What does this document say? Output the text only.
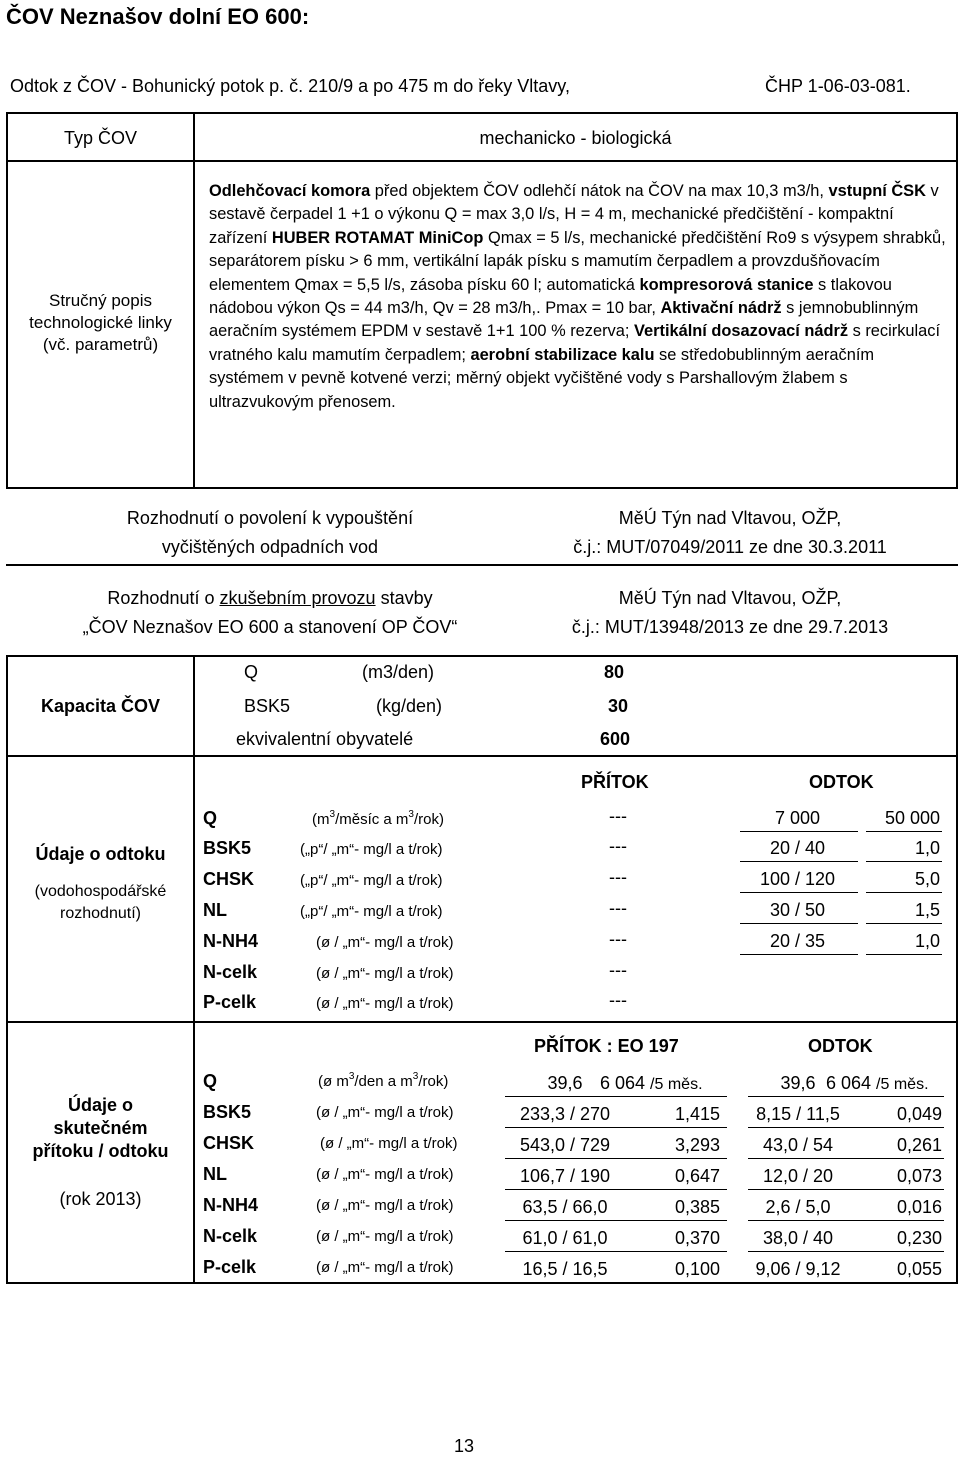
ČOV Neznašov dolní EO 600:
Odtok z ČOV - Bohunický potok p. č. 210/9 a po 475 m do řeky Vltavy,	ČHP 1-06-03-081.
Typ ČOV	mechanicko - biologická
Stručný popis
technologické linky
(vč. parametrů)
Odlehčovací komora před objektem ČOV odlehčí nátok na ČOV na max 10,3 m3/h, vstupní ČSK v sestavě čerpadel 1 +1 o výkonu Q = max 3,0 l/s, H = 4 m, mechanické předčištění - kompaktní zařízení HUBER ROTAMAT MiniCop Qmax = 5 l/s, mechanické předčištění Ro9 s výsypem shrabků, separátorem písku > 6 mm, vertikální lapák písku s mamutím čerpadlem a provzdušňovacím elementem Qmax = 5,5 l/s, zásoba písku 60 l; automatická kompresorová stanice s tlakovou nádobou výkon Qs = 44 m3/h, Qv = 28 m3/h,. Pmax = 10 bar, Aktivační nádrž s jemnobublinným aeračním systémem EPDM v sestavě 1+1 100 % rezerva; Vertikální dosazovací nádrž s recirkulací vratného kalu mamutím čerpadlem; aerobní stabilizace kalu se středobublinným aeračním systémem v pevně kotvené verzi; měrný objekt vyčištěné vody s Parshallovým žlabem s ultrazvukovým přenosem.
Rozhodnutí o povolení k vypouštění
vyčištěných odpadních vod
MěÚ Týn nad Vltavou, OŽP,
č.j.: MUT/07049/2011 ze dne 30.3.2011
Rozhodnutí o zkušebním provozu stavby
„ČOV Neznašov EO 600 a stanovení OP ČOV“
MěÚ Týn nad Vltavou, OŽP,
č.j.: MUT/13948/2013 ze dne 29.7.2013
Kapacita ČOV
Q	(m3/den)	80
BSK5	(kg/den)	30
ekvivalentní obyvatelé	600
Údaje o odtoku
(vodohospodářské
rozhodnutí)
PŘÍTOK	ODTOK
Q	($m^3$/měsíc a $m^3/rok$)	---	7 000	50 000
BSK5	(„p“/ „m“- mg/l a t/rok)	---	20 / 40	1,0
CHSK	(„p“/ „m“- mg/l a t/rok)	---	100 / 120	5,0
NL	(„p“/ „m“- mg/l a t/rok)	---	30 / 50	1,5
N-NH4	(ø / „m“- mg/l a t/rok)	---	20 / 35	1,0
N-celk	(ø / „m“- mg/l a t/rok)	---
P-celk	(ø / „m“- mg/l a t/rok)	---
Údaje o
skutečném
přítoku / odtoku
(rok 2013)
PŘÍTOK : EO 197	ODTOK
Q	(ø $m^3$/den a $m^3/rok$)	39,6 6 064 /5 měs.	39,6 6 064 /5 měs.
BSK5	(ø / „m“- mg/l a t/rok)	233,3 / 270	1,415	8,15 / 11,5	0,049
CHSK	(ø / „m“- mg/l a t/rok)	543,0 / 729	3,293	43,0 / 54	0,261
NL	(ø / „m“- mg/l a t/rok)	106,7 / 190	0,647	12,0 / 20	0,073
N-NH4	(ø / „m“- mg/l a t/rok)	63,5 / 66,0	0,385	2,6 / 5,0	0,016
N-celk	(ø / „m“- mg/l a t/rok)	61,0 / 61,0	0,370	38,0 / 40	0,230
P-celk	(ø / „m“- mg/l a t/rok)	16,5 / 16,5	0,100	9,06 / 9,12	0,055
13
